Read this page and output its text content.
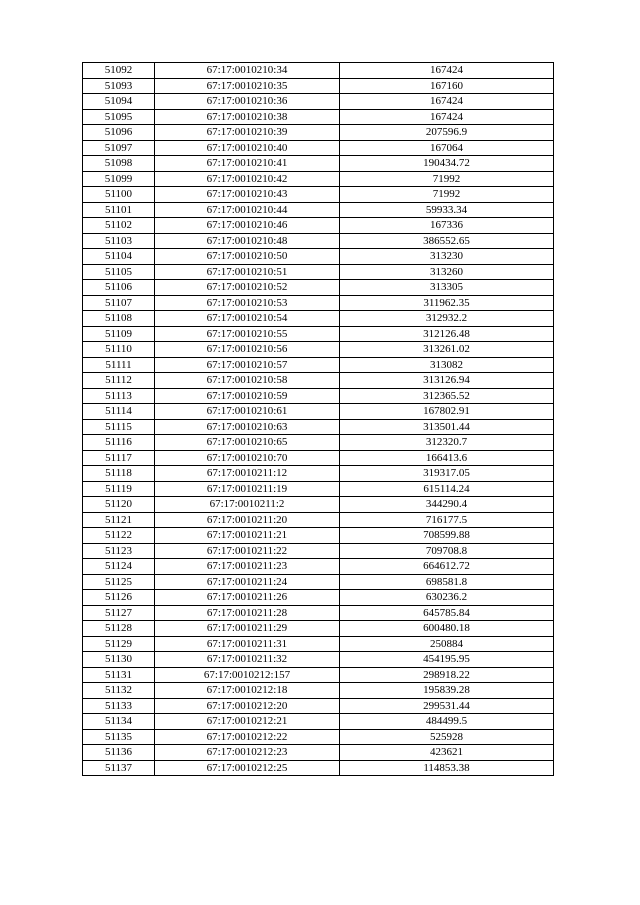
51092	67:17:0010210:34	167424
51093	67:17:0010210:35	167160
51094	67:17:0010210:36	167424
51095	67:17:0010210:38	167424
51096	67:17:0010210:39	207596.9
51097	67:17:0010210:40	167064
51098	67:17:0010210:41	190434.72
51099	67:17:0010210:42	71992
51100	67:17:0010210:43	71992
51101	67:17:0010210:44	59933.34
51102	67:17:0010210:46	167336
51103	67:17:0010210:48	386552.65
51104	67:17:0010210:50	313230
51105	67:17:0010210:51	313260
51106	67:17:0010210:52	313305
51107	67:17:0010210:53	311962.35
51108	67:17:0010210:54	312932.2
51109	67:17:0010210:55	312126.48
51110	67:17:0010210:56	313261.02
51111	67:17:0010210:57	313082
51112	67:17:0010210:58	313126.94
51113	67:17:0010210:59	312365.52
51114	67:17:0010210:61	167802.91
51115	67:17:0010210:63	313501.44
51116	67:17:0010210:65	312320.7
51117	67:17:0010210:70	166413.6
51118	67:17:0010211:12	319317.05
51119	67:17:0010211:19	615114.24
51120	67:17:0010211:2	344290.4
51121	67:17:0010211:20	716177.5
51122	67:17:0010211:21	708599.88
51123	67:17:0010211:22	709708.8
51124	67:17:0010211:23	664612.72
51125	67:17:0010211:24	698581.8
51126	67:17:0010211:26	630236.2
51127	67:17:0010211:28	645785.84
51128	67:17:0010211:29	600480.18
51129	67:17:0010211:31	250884
51130	67:17:0010211:32	454195.95
51131	67:17:0010212:157	298918.22
51132	67:17:0010212:18	195839.28
51133	67:17:0010212:20	299531.44
51134	67:17:0010212:21	484499.5
51135	67:17:0010212:22	525928
51136	67:17:0010212:23	423621
51137	67:17:0010212:25	114853.38
